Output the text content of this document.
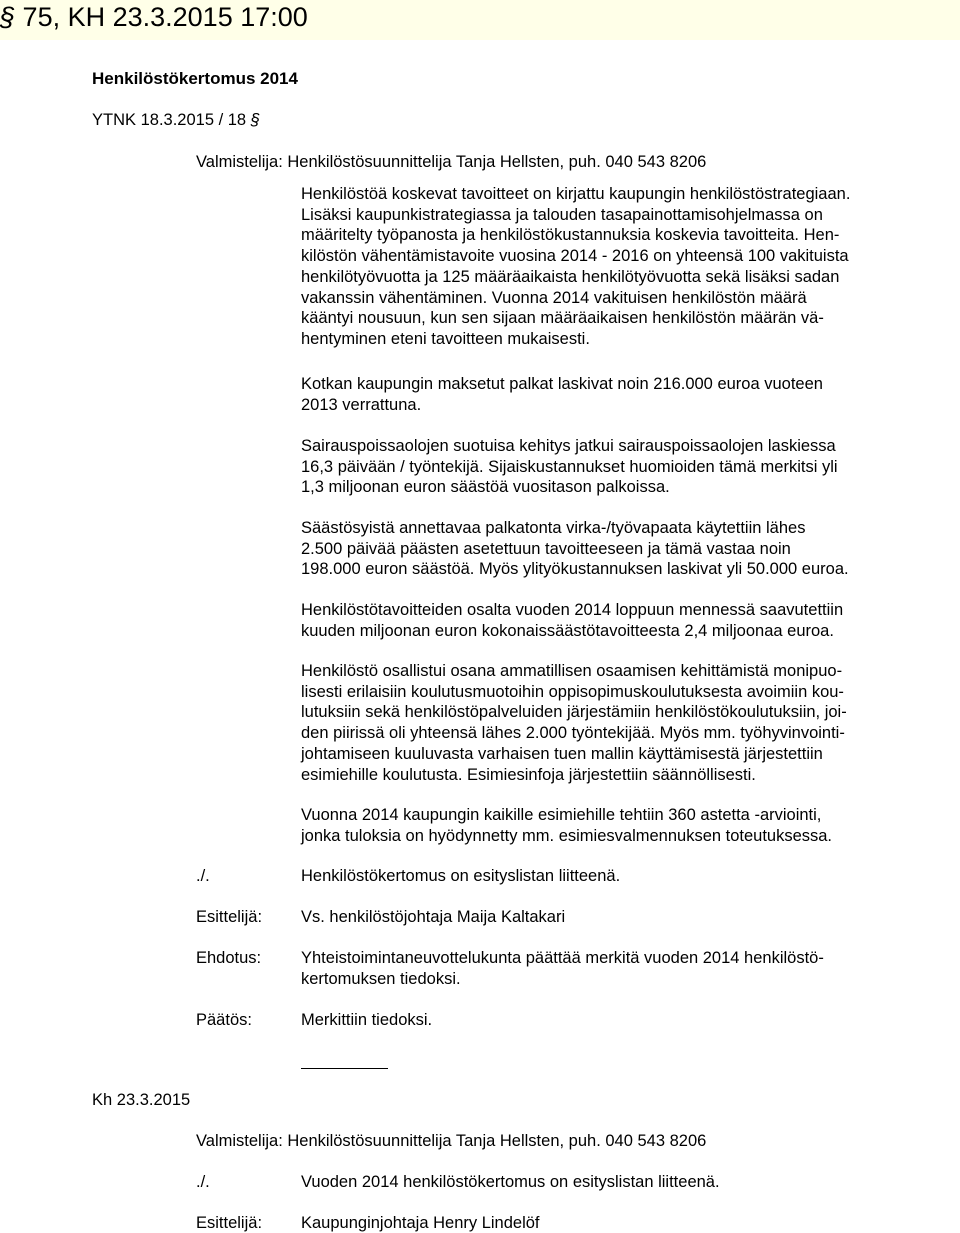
§ 75, KH 23.3.2015 17:00
Henkilöstökertomus 2014
YTNK 18.3.2015 / 18 §
Valmistelija: Henkilöstösuunnittelija Tanja Hellsten, puh. 040 543 8206
Henkilöstöä koskevat tavoitteet on kirjattu kaupungin henkilöstöstrategiaan.
Lisäksi kaupunkistrategiassa ja talouden tasapainottamisohjelmassa on
määritelty työpanosta ja henkilöstökustannuksia koskevia tavoitteita. Hen-
kilöstön vähentämistavoite vuosina 2014 - 2016 on yhteensä 100 vakituista
henkilötyövuotta ja 125 määräaikaista henkilötyövuotta sekä lisäksi sadan
vakanssin vähentäminen. Vuonna 2014 vakituisen henkilöstön määrä
kääntyi nousuun, kun sen sijaan määräaikaisen henkilöstön määrän vä-
hentyminen eteni tavoitteen mukaisesti.
Kotkan kaupungin maksetut palkat laskivat noin 216.000 euroa vuoteen
2013 verrattuna.
Sairauspoissaolojen suotuisa kehitys jatkui sairauspoissaolojen laskiessa
16,3 päivään / työntekijä. Sijaiskustannukset huomioiden tämä merkitsi yli
1,3 miljoonan euron säästöä vuositason palkoissa.
Säästösyistä annettavaa palkatonta virka-/työvapaata käytettiin lähes
2.500 päivää päästen asetettuun tavoitteeseen ja tämä vastaa noin
198.000 euron säästöä. Myös ylityökustannuksen laskivat yli 50.000 euroa.
Henkilöstötavoitteiden osalta vuoden 2014 loppuun mennessä saavutettiin
kuuden miljoonan euron kokonaissäästötavoitteesta 2,4 miljoonaa euroa.
Henkilöstö osallistui osana ammatillisen osaamisen kehittämistä monipuo-
lisesti erilaisiin koulutusmuotoihin oppisopimuskoulutuksesta avoimiin kou-
lutuksiin sekä henkilöstöpalveluiden järjestämiin henkilöstökoulutuksiin, joi-
den piirissä oli yhteensä lähes 2.000 työntekijää. Myös mm. työhyvinvointi-
johtamiseen kuuluvasta varhaisen tuen mallin käyttämisestä järjestettiin
esimiehille koulutusta. Esimiesinfoja järjestettiin säännöllisesti.
Vuonna 2014 kaupungin kaikille esimiehille tehtiin 360 astetta -arviointi,
jonka tuloksia on hyödynnetty mm. esimiesvalmennuksen toteutuksessa.
./.	Henkilöstökertomus on esityslistan liitteenä.
Esittelijä: Vs. henkilöstöjohtaja Maija Kaltakari
Ehdotus: Yhteistoimintaneuvottelukunta päättää merkitä vuoden 2014 henkilöstö-
kertomuksen tiedoksi.
Päätös:	Merkittiin tiedoksi.
Kh 23.3.2015
Valmistelija: Henkilöstösuunnittelija Tanja Hellsten, puh. 040 543 8206
./.	Vuoden 2014 henkilöstökertomus on esityslistan liitteenä.
Esittelijä: Kaupunginjohtaja Henry Lindelöf
